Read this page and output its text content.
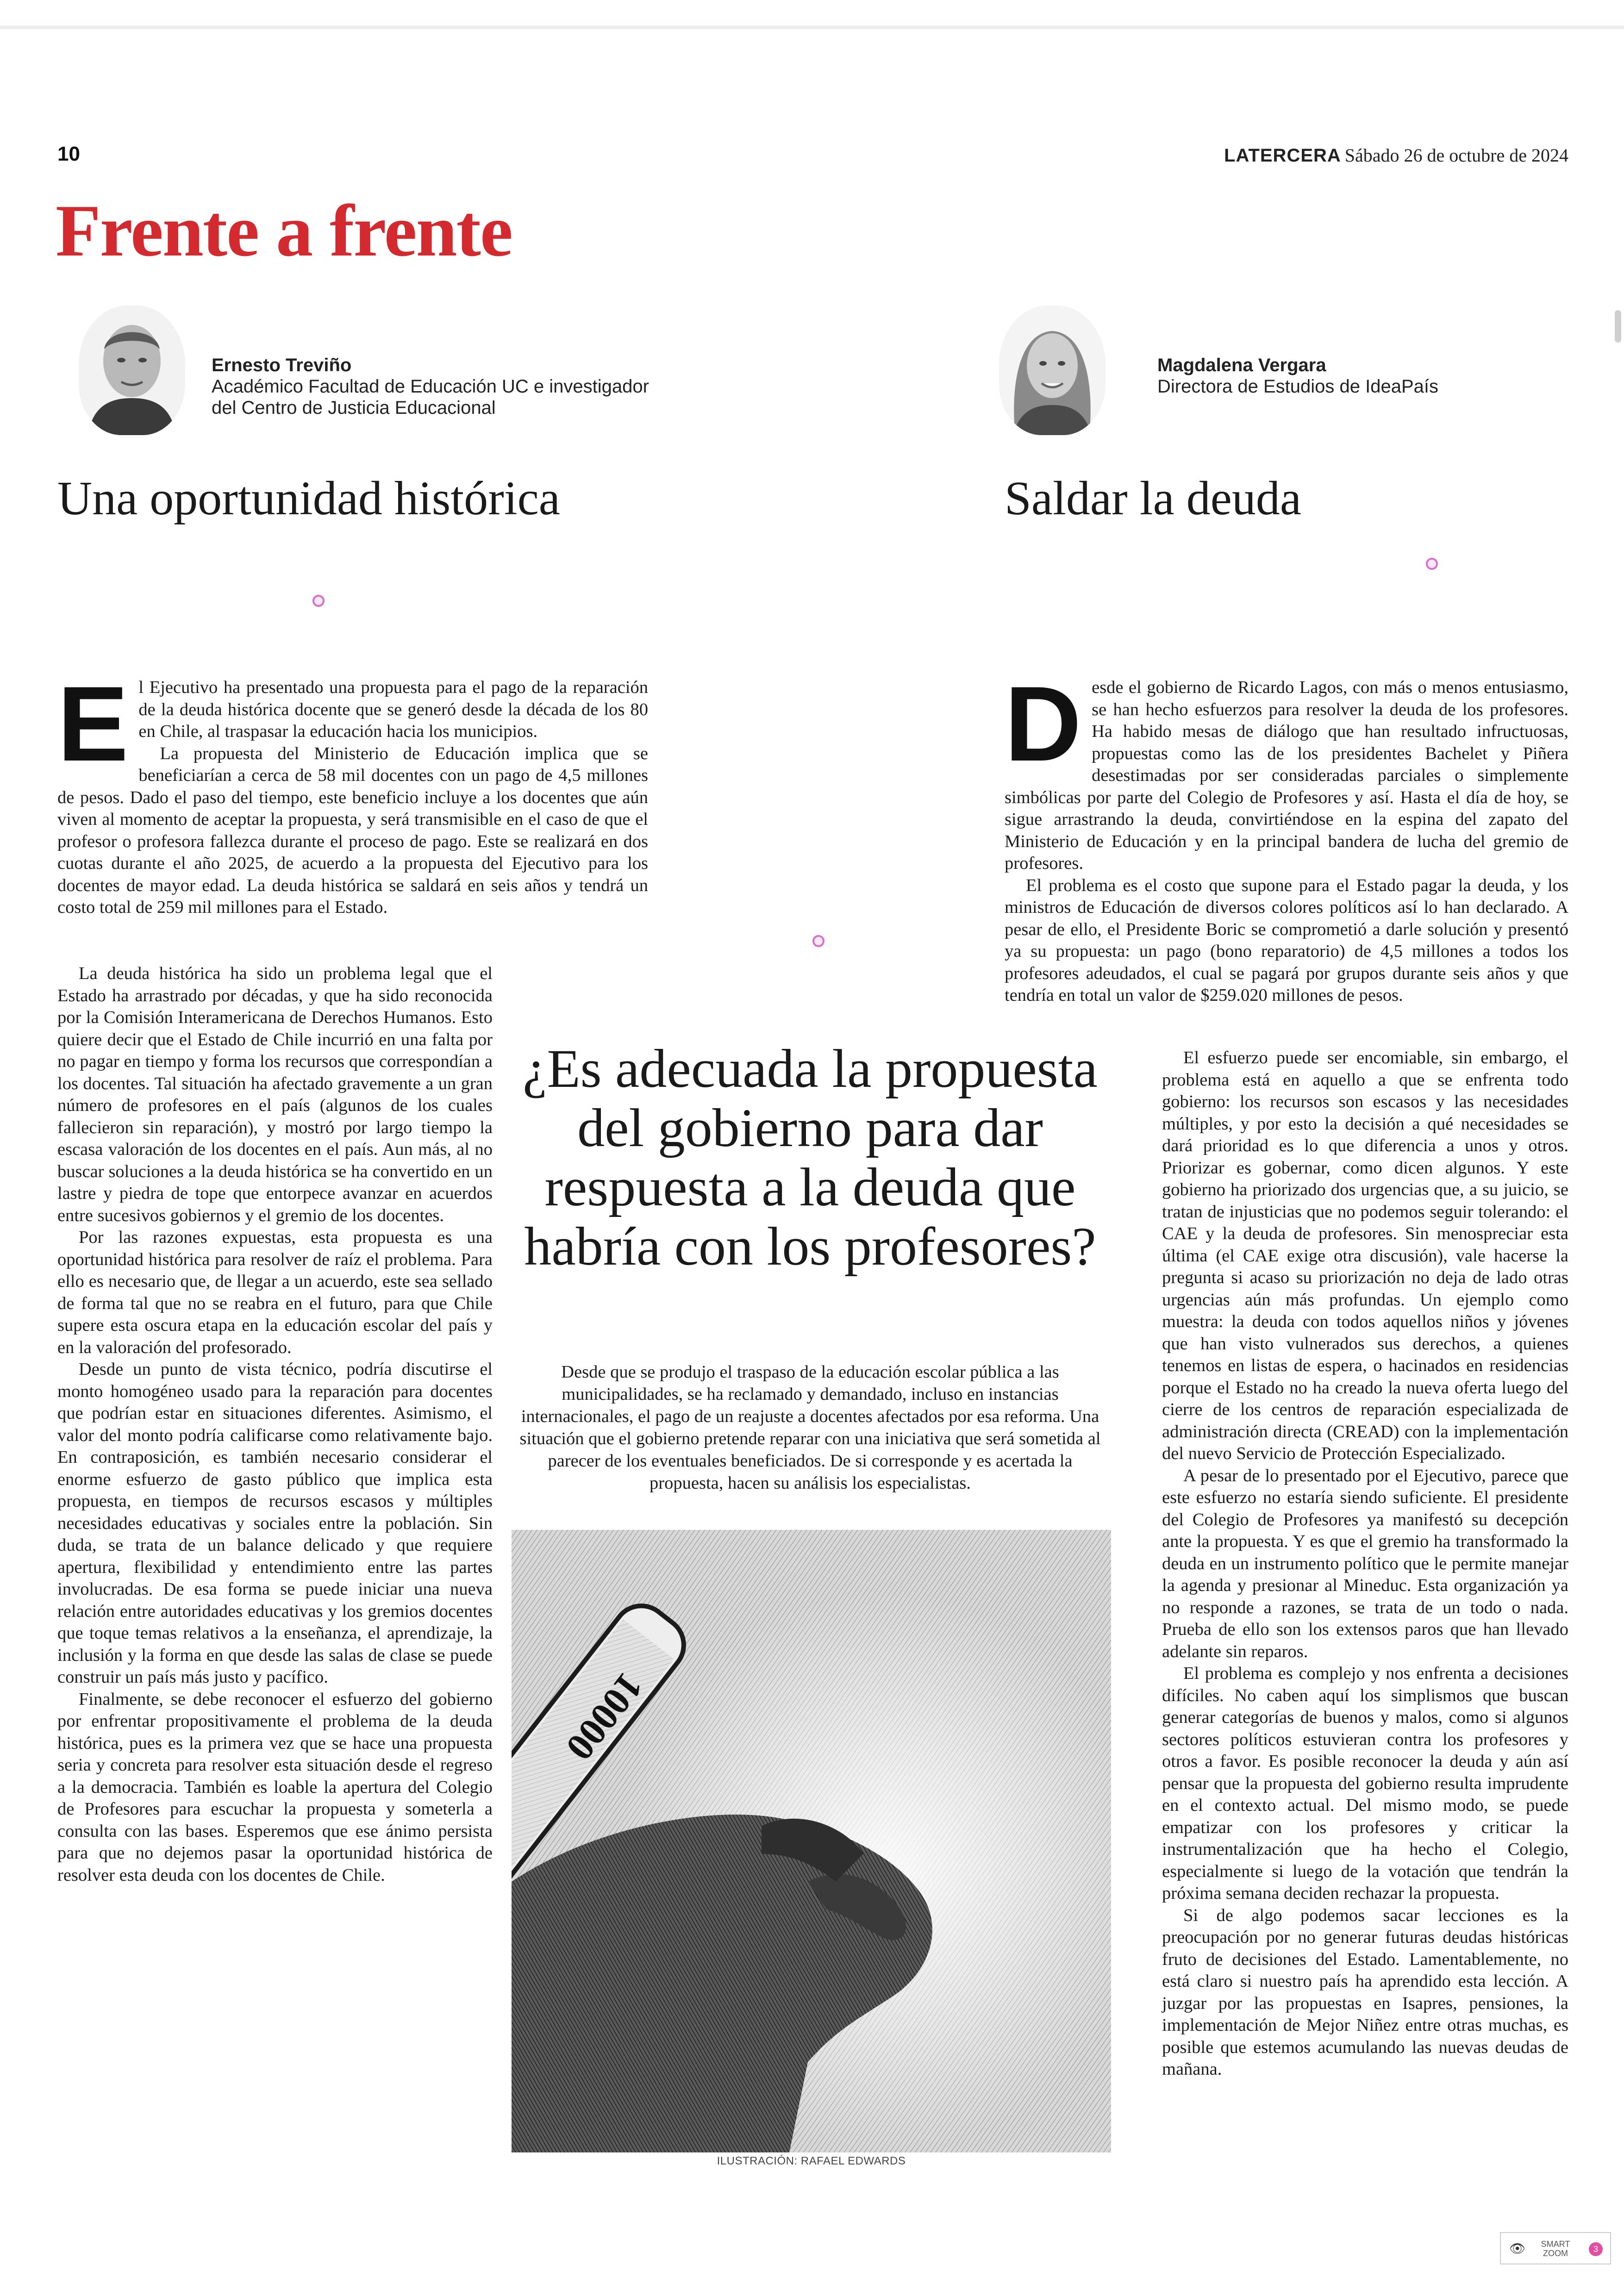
10	LATERCERA Sábado 26 de octubre de 2024
Frente a frente
Ernesto Treviño
Académico Facultad de Educación UC e investigador
del Centro de Justicia Educacional
Una oportunidad histórica
Magdalena Vergara
Directora de Estudios de IdeaPaís
Saldar la deuda

El Ejecutivo ha presentado una propuesta para el pago de la reparación de la deuda histórica docente que se generó desde la década de los 80 en Chile, al traspasar la educación hacia los municipios.

La propuesta del Ministerio de Educación implica que se beneficiarían a cerca de 58 mil docentes con un pago de 4,5 millones de pesos. Dado el paso del tiempo, este beneficio incluye a los docentes que aún viven al momento de aceptar la propuesta, y será transmisible en el caso de que el profesor o profesora fallezca durante el proceso de pago. Este se realizará en dos cuotas durante el año 2025, de acuerdo a la propuesta del Ejecutivo para los docentes de mayor edad. La deuda histórica se saldará en seis años y tendrá un costo total de 259 mil millones para el Estado.

La deuda histórica ha sido un problema legal que el Estado ha arrastrado por décadas, y que ha sido reconocida por la Comisión Interamericana de Derechos Humanos. Esto quiere decir que el Estado de Chile incurrió en una falta por no pagar en tiempo y forma los recursos que correspondían a los docentes. Tal situación ha afectado gravemente a un gran número de profesores en el país (algunos de los cuales fallecieron sin reparación), y mostró por largo tiempo la escasa valoración de los docentes en el país. Aun más, al no buscar soluciones a la deuda histórica se ha convertido en un lastre y piedra de tope que entorpece avanzar en acuerdos entre sucesivos gobiernos y el gremio de los docentes.

Por las razones expuestas, esta propuesta es una oportunidad histórica para resolver de raíz el problema. Para ello es necesario que, de llegar a un acuerdo, este sea sellado de forma tal que no se reabra en el futuro, para que Chile supere esta oscura etapa en la educación escolar del país y en la valoración del profesorado.

Desde un punto de vista técnico, podría discutirse el monto homogéneo usado para la reparación para docentes que podrían estar en situaciones diferentes. Asimismo, el valor del monto podría calificarse como relativamente bajo. En contraposición, es también necesario considerar el enorme esfuerzo de gasto público que implica esta propuesta, en tiempos de recursos escasos y múltiples necesidades educativas y sociales entre la población. Sin duda, se trata de un balance delicado y que requiere apertura, flexibilidad y entendimiento entre las partes involucradas. De esa forma se puede iniciar una nueva relación entre autoridades educativas y los gremios docentes que toque temas relativos a la enseñanza, el aprendizaje, la inclusión y la forma en que desde las salas de clase se puede construir un país más justo y pacífico.

Finalmente, se debe reconocer el esfuerzo del gobierno por enfrentar propositivamente el problema de la deuda histórica, pues es la primera vez que se hace una propuesta seria y concreta para resolver esta situación desde el regreso a la democracia. También es loable la apertura del Colegio de Profesores para escuchar la propuesta y someterla a consulta con las bases. Esperemos que ese ánimo persista para que no dejemos pasar la oportunidad histórica de resolver esta deuda con los docentes de Chile.

Desde el gobierno de Ricardo Lagos, con más o menos entusiasmo, se han hecho esfuerzos para resolver la deuda de los profesores. Ha habido mesas de diálogo que han resultado infructuosas, propuestas como las de los presidentes Bachelet y Piñera desestimadas por ser consideradas parciales o simplemente simbólicas por parte del Colegio de Profesores y así. Hasta el día de hoy, se sigue arrastrando la deuda, convirtiéndose en la espina del zapato del Ministerio de Educación y en la principal bandera de lucha del gremio de profesores.

El problema es el costo que supone para el Estado pagar la deuda, y los ministros de Educación de diversos colores políticos así lo han declarado. A pesar de ello, el Presidente Boric se comprometió a darle solución y presentó ya su propuesta: un pago (bono reparatorio) de 4,5 millones a todos los profesores adeudados, el cual se pagará por grupos durante seis años y que tendría en total un valor de $259.020 millones de pesos.

El esfuerzo puede ser encomiable, sin embargo, el problema está en aquello a que se enfrenta todo gobierno: los recursos son escasos y las necesidades múltiples, y por esto la decisión a qué necesidades se dará prioridad es lo que diferencia a unos y otros. Priorizar es gobernar, como dicen algunos. Y este gobierno ha priorizado dos urgencias que, a su juicio, se tratan de injusticias que no podemos seguir tolerando: el CAE y la deuda de profesores. Sin menospreciar esta última (el CAE exige otra discusión), vale hacerse la pregunta si acaso su priorización no deja de lado otras urgencias aún más profundas. Un ejemplo como muestra: la deuda con todos aquellos niños y jóvenes que han visto vulnerados sus derechos, a quienes tenemos en listas de espera, o hacinados en residencias porque el Estado no ha creado la nueva oferta luego del cierre de los centros de reparación especializada de administración directa (CREAD) con la implementación del nuevo Servicio de Protección Especializado.

A pesar de lo presentado por el Ejecutivo, parece que este esfuerzo no estaría siendo suficiente. El presidente del Colegio de Profesores ya manifestó su decepción ante la propuesta. Y es que el gremio ha transformado la deuda en un instrumento político que le permite manejar la agenda y presionar al Mineduc. Esta organización ya no responde a razones, se trata de un todo o nada. Prueba de ello son los extensos paros que han llevado adelante sin reparos.

El problema es complejo y nos enfrenta a decisiones difíciles. No caben aquí los simplismos que buscan generar categorías de buenos y malos, como si algunos sectores políticos estuvieran contra los profesores y otros a favor. Es posible reconocer la deuda y aún así pensar que la propuesta del gobierno resulta imprudente en el contexto actual. Del mismo modo, se puede empatizar con los profesores y criticar la instrumentalización que ha hecho el Colegio, especialmente si luego de la votación que tendrán la próxima semana deciden rechazar la propuesta.

Si de algo podemos sacar lecciones es la preocupación por no generar futuras deudas históricas fruto de decisiones del Estado. Lamentablemente, no está claro si nuestro país ha aprendido esta lección. A juzgar por las propuestas en Isapres, pensiones, la implementación de Mejor Niñez entre otras muchas, es posible que estemos acumulando las nuevas deudas de mañana.

¿Es adecuada la propuesta del gobierno para dar respuesta a la deuda que habría con los profesores?
Desde que se produjo el traspaso de la educación escolar pública a las municipalidades, se ha reclamado y demandado, incluso en instancias internacionales, el pago de un reajuste a docentes afectados por esa reforma. Una situación que el gobierno pretende reparar con una iniciativa que será sometida al parecer de los eventuales beneficiados. De si corresponde y es acertada la propuesta, hacen su análisis los especialistas.
10000
ILUSTRACIÓN: RAFAEL EDWARDS
👁	SMART
ZOOM	3
